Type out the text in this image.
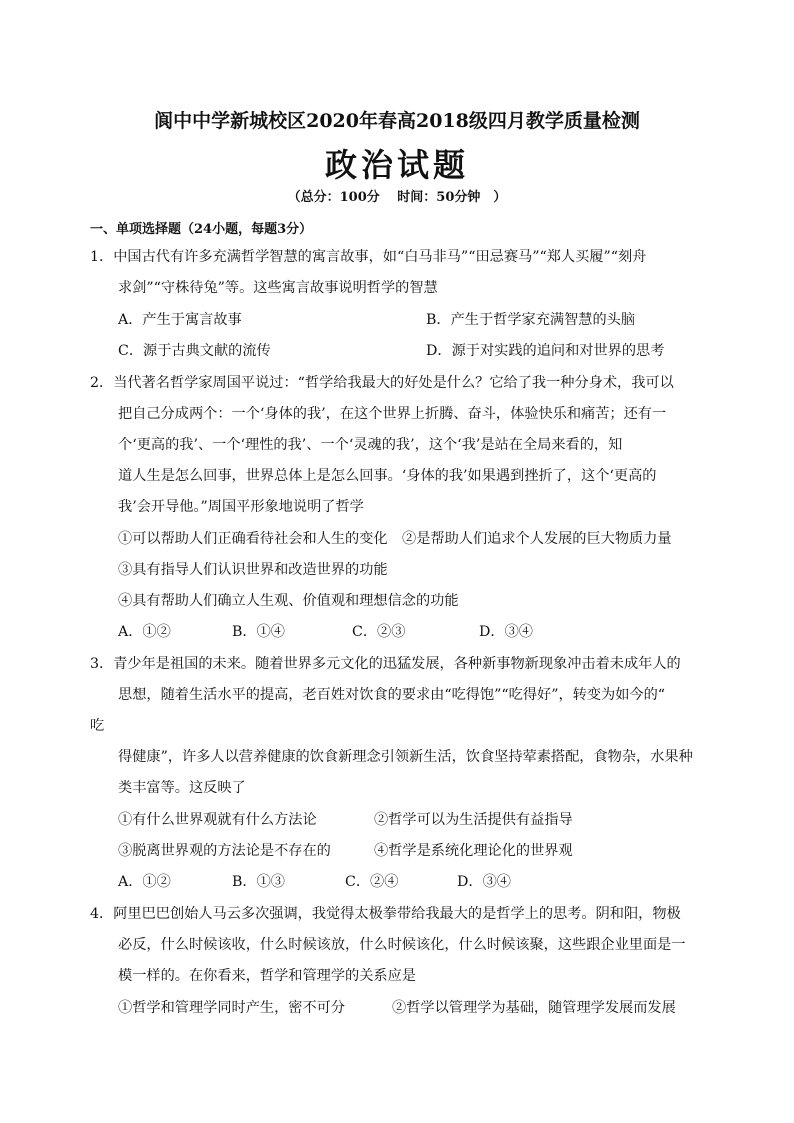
阆中中学新城校区2020年春高2018级四月教学质量检测
政治试题
（总分：100分　 时间：50分钟　）
一、单项选择题（24小题，每题3分）
1．中国古代有许多充满哲学智慧的寓言故事，如“白马非马”“田忌赛马”“郑人买履”“刻舟
求剑”“守株待兔”等。这些寓言故事说明哲学的智慧
A．产生于寓言故事	B．产生于哲学家充满智慧的头脑
C．源于古典文献的流传	D．源于对实践的追问和对世界的思考
2．当代著名哲学家周国平说过：“哲学给我最大的好处是什么？它给了我一种分身术，我可以
把自己分成两个：一个‘身体的我’，在这个世界上折腾、奋斗，体验快乐和痛苦；还有一
个‘更高的我’、一个‘理性的我’、一个‘灵魂的我’，这个‘我’是站在全局来看的，知
道人生是怎么回事，世界总体上是怎么回事。‘身体的我’如果遇到挫折了，这个‘更高的
我’会开导他。”周国平形象地说明了哲学
①可以帮助人们正确看待社会和人生的变化 ②是帮助人们追求个人发展的巨大物质力量
③具有指导人们认识世界和改造世界的功能
④具有帮助人们确立人生观、价值观和理想信念的功能
A．①②	B．①④	C．②③	D．③④
3．青少年是祖国的未来。随着世界多元文化的迅猛发展，各种新事物新现象冲击着未成年人的
思想，随着生活水平的提高，老百姓对饮食的要求由“吃得饱”“吃得好”，转变为如今的“
吃
得健康”，许多人以营养健康的饮食新理念引领新生活，饮食坚持荤素搭配，食物杂，水果种
类丰富等。这反映了
①有什么世界观就有什么方法论	②哲学可以为生活提供有益指导
③脱离世界观的方法论是不存在的	④哲学是系统化理论化的世界观
A．①②	B．①③	C．②④	D．③④
4．阿里巴巴创始人马云多次强调，我觉得太极拳带给我最大的是哲学上的思考。阴和阳，物极
必反，什么时候该收，什么时候该放，什么时候该化，什么时候该聚，这些跟企业里面是一
模一样的。在你看来，哲学和管理学的关系应是
①哲学和管理学同时产生，密不可分	②哲学以管理学为基础，随管理学发展而发展
